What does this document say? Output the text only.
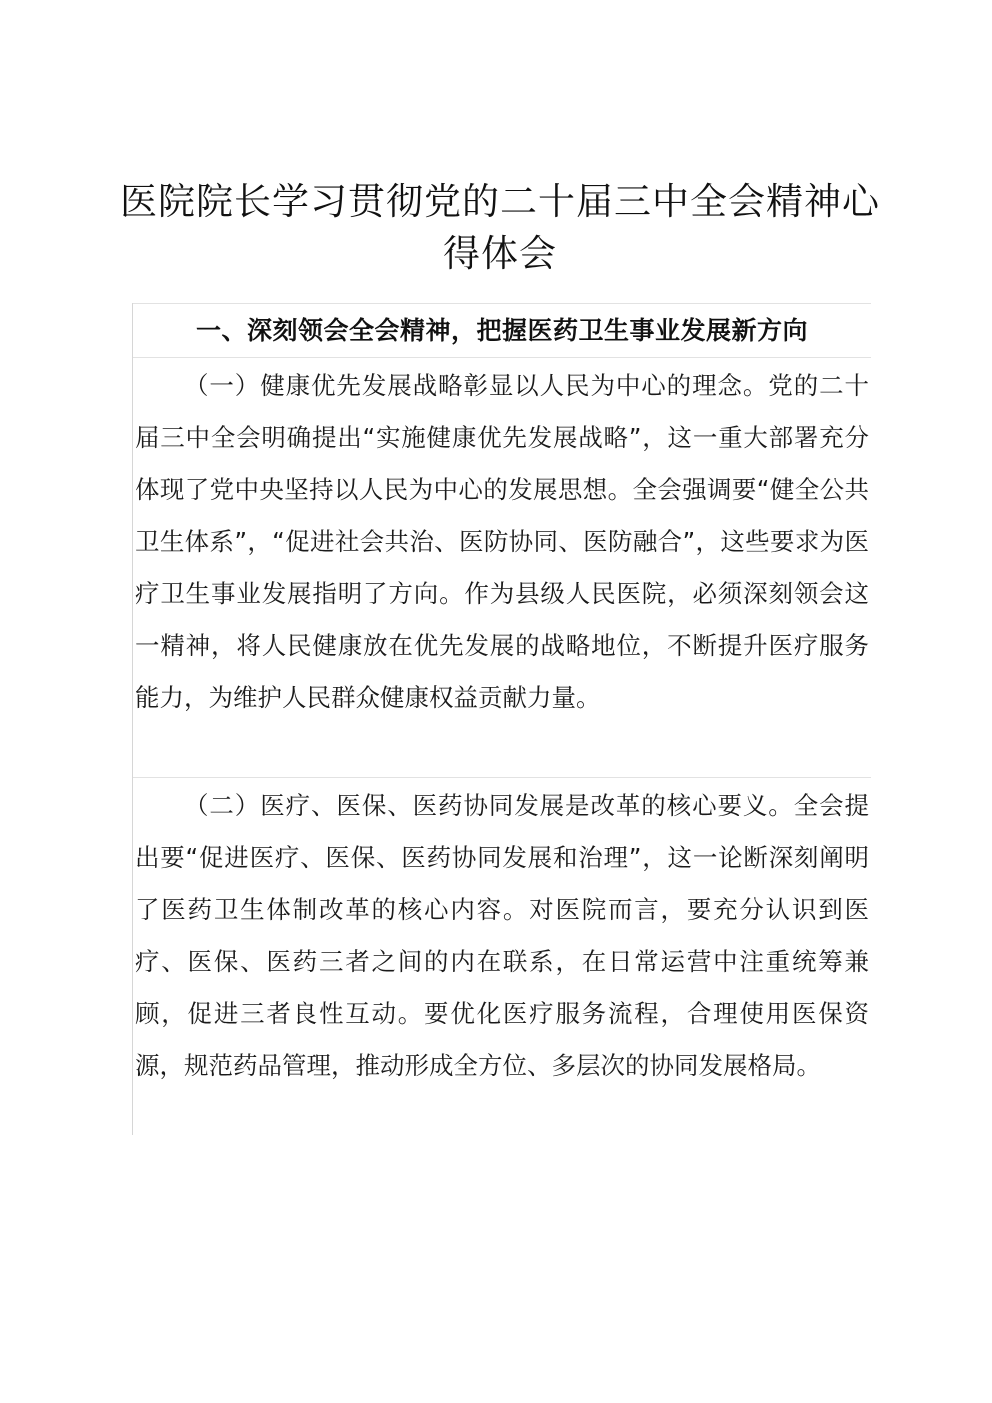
医院院长学习贯彻党的二十届三中全会精神心得体会
一、深刻领会全会精神，把握医药卫生事业发展新方向

（一）健康优先发展战略彰显以人民为中心的理念。党的二十届三中全会明确提出“实施健康优先发展战略”，这一重大部署充分体现了党中央坚持以人民为中心的发展思想。全会强调要“健全公共卫生体系”，“促进社会共治、医防协同、医防融合”，这些要求为医疗卫生事业发展指明了方向。作为县级人民医院，必须深刻领会这一精神，将人民健康放在优先发展的战略地位，不断提升医疗服务能力，为维护人民群众健康权益贡献力量。

（二）医疗、医保、医药协同发展是改革的核心要义。全会提出要“促进医疗、医保、医药协同发展和治理”，这一论断深刻阐明了医药卫生体制改革的核心内容。对医院而言，要充分认识到医疗、医保、医药三者之间的内在联系，在日常运营中注重统筹兼顾，促进三者良性互动。要优化医疗服务流程，合理使用医保资源，规范药品管理，推动形成全方位、多层次的协同发展格局。
